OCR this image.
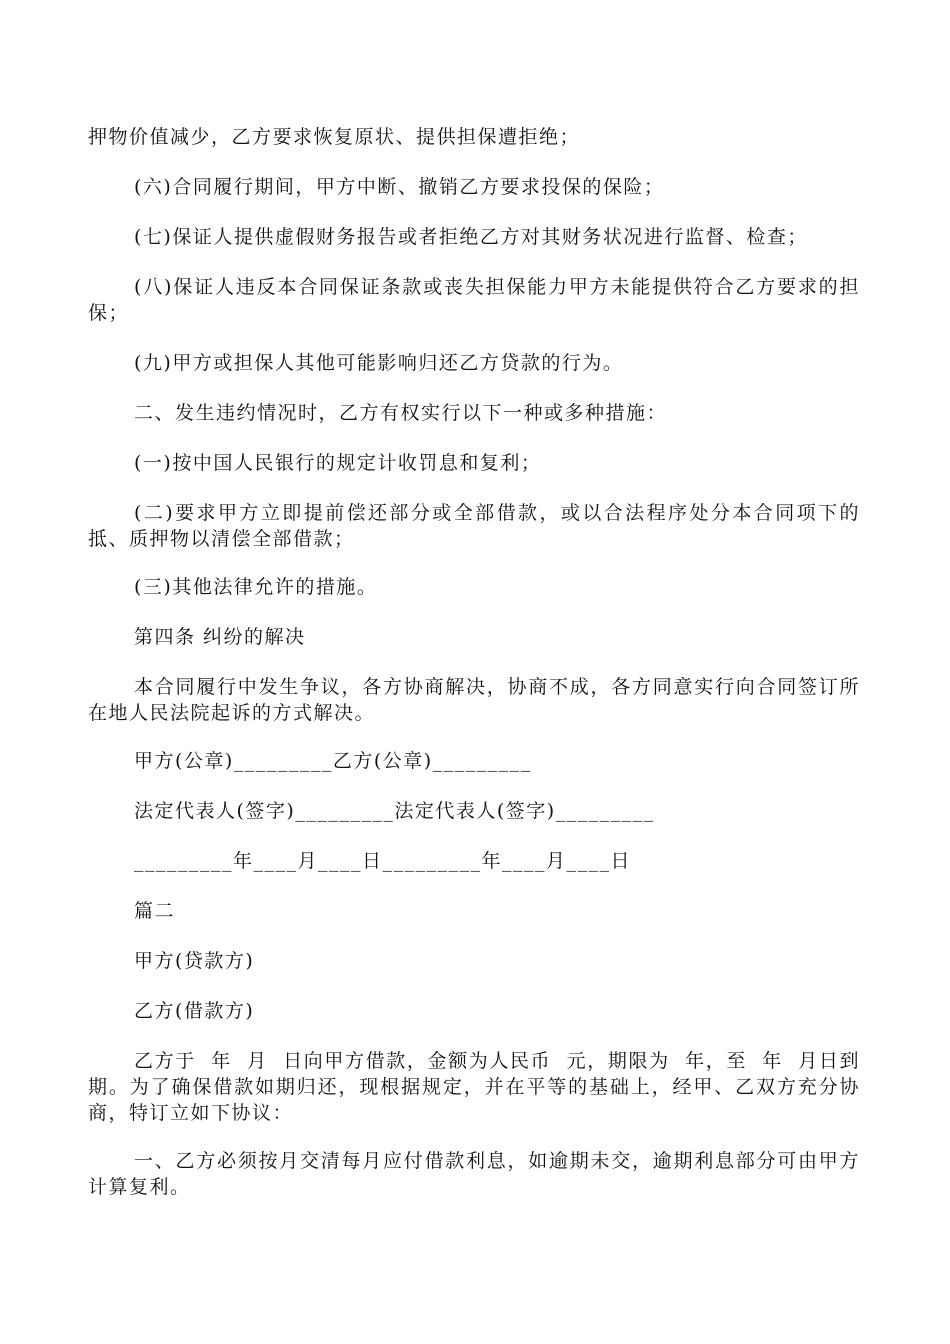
押物价值减少，乙方要求恢复原状、提供担保遭拒绝；

(六)合同履行期间，甲方中断、撤销乙方要求投保的保险；

(七)保证人提供虚假财务报告或者拒绝乙方对其财务状况进行监督、检查；

(八)保证人违反本合同保证条款或丧失担保能力甲方未能提供符合乙方要求的担保；

(九)甲方或担保人其他可能影响归还乙方贷款的行为。

二、发生违约情况时，乙方有权实行以下一种或多种措施：

(一)按中国人民银行的规定计收罚息和复利；

(二)要求甲方立即提前偿还部分或全部借款，或以合法程序处分本合同项下的抵、质押物以清偿全部借款；

(三)其他法律允许的措施。

第四条 纠纷的解决

本合同履行中发生争议，各方协商解决，协商不成，各方同意实行向合同签订所在地人民法院起诉的方式解决。

甲方(公章)_________乙方(公章)_________

法定代表人(签字)_________法定代表人(签字)_________

_________年____月____日_________年____月____日

篇二

甲方(贷款方)

乙方(借款方)

乙方于  年  月  日向甲方借款，金额为人民币  元，期限为  年，至  年  月日到期。为了确保借款如期归还，现根据规定，并在平等的基础上，经甲、乙双方充分协商，特订立如下协议：

一、乙方必须按月交清每月应付借款利息，如逾期未交，逾期利息部分可由甲方计算复利。
